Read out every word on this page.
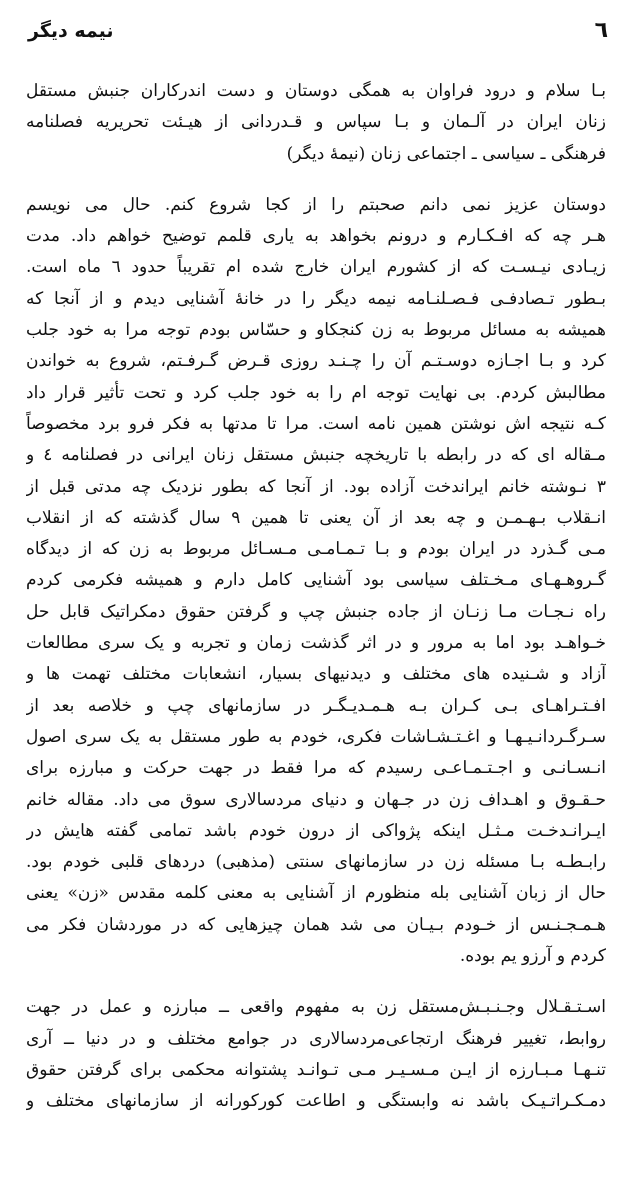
٦
نیمه دیگر

بـا سلام و درود فراوان به همگی دوستان و دست اندرکاران جنبش مستقل
زنان ایران در آلـمان و بـا سپاس و قـدردانی از هیـئت تحریریه فصلنامه
فرهنگی ـ سیاسی ـ اجتماعی زنان (نیمهٔ دیگر)

دوستان عزیز نمی دانم صحبتم را از کجا شروع کنم. حال می نویسم
هـر چه که افـکـارم و درونم بخواهد به یاری قلمم توضیح خواهم داد. مدت
زیـادی نیـسـت که از کشورم ایران خارج شده ام تقریباً حدود ٦ ماه است.
بـطور تـصادفـی فـصـلنـامه نیمه دیگر را در خانهٔ آشنایی دیدم و از آنجا که
همیشه به مسائل مربوط به زن کنجکاو و حسّاس بودم توجه مرا به خود جلب
کرد و بـا اجـازه دوسـتـم آن را چـنـد روزی قـرض گـرفـتم، شروع به خواندن
مطالبش کردم. بی نهایت توجه ام را به خود جلب کرد و تحت تأثیر قرار داد
کـه نتیجه اش نوشتن همین نامه است. مرا تا مدتها به فکر فرو برد مخصوصاً
مـقاله ای که در رابطه با تاریخچه جنبش مستقل زنان ایرانی در فصلنامه ٤ و
٣ نـوشته خانم ایراندخت آزاده بود. از آنجا که بطور نزدیک چه مدتی قبل از
انـقلاب بـهـمـن و چه بعد از آن یعنی تا همین ٩ سال گذشته که از انقلاب
مـی گـذرد در ایران بودم و بـا تـمـامـی مـسـائل مربوط به زن که از دیدگاه
گـروهـهـای مـخـتلف سیاسی بود آشنایی کامل دارم و همیشه فکرمی کردم
راه نـجـات مـا زنـان از جاده جنبش چپ و گرفتن حقوق دمکراتیک قابل حل
خـواهـد بود اما به مرور و در اثر گذشت زمان و تجربه و یک سری مطالعات
آزاد و شـنیده های مختلف و دیدنیهای بسیار، انشعابات مختلف تهمت ها و
افـتـراهـای بـی کـران بـه هـمـدیـگـر در سازمانهای چپ و خلاصه بعد از
سـرگـردانـیـهـا و اغـتـشـاشات فکری، خودم به طور مستقل به یک سری اصول
انـسـانـی و اجـتـمـاعـی رسیدم که مرا فقط در جهت حرکت و مبارزه برای
حـقـوق و اهـداف زن در جـهان و دنیای مردسالاری سوق می داد. مقاله خانم
ایـرانـدخـت مـثـل اینکه پژواکی از درون خودم باشد تمامی گفته هایش در
رابـطـه بـا مسئله زن در سازمانهای سنتی (مذهبی) دردهای قلبی خودم بود.
حال از زبان آشنایی بله منظورم از آشنایی به معنی کلمه مقدس «زن» یعنی
هـمـجـنـس از خـودم بـیـان می شد همان چیزهایی که در موردشان فکر می
کردم و آرزو یم بوده.

اسـتـقـلال وجـنـبـش‌مستقل زن به مفهوم واقعی ــ مبارزه و عمل در جهت
روابط، تغییر فرهنگ ارتجاعی‌مردسالاری در جوامع مختلف و در دنیا ــ آری
تنـهـا مـبـارزه از ایـن مـسـیـر مـی تـوانـد پشتوانه محکمی برای گرفتن حقوق
دمـکـراتـیـک باشد نه وابستگی و اطاعت کورکورانه از سازمانهای مختلف و
